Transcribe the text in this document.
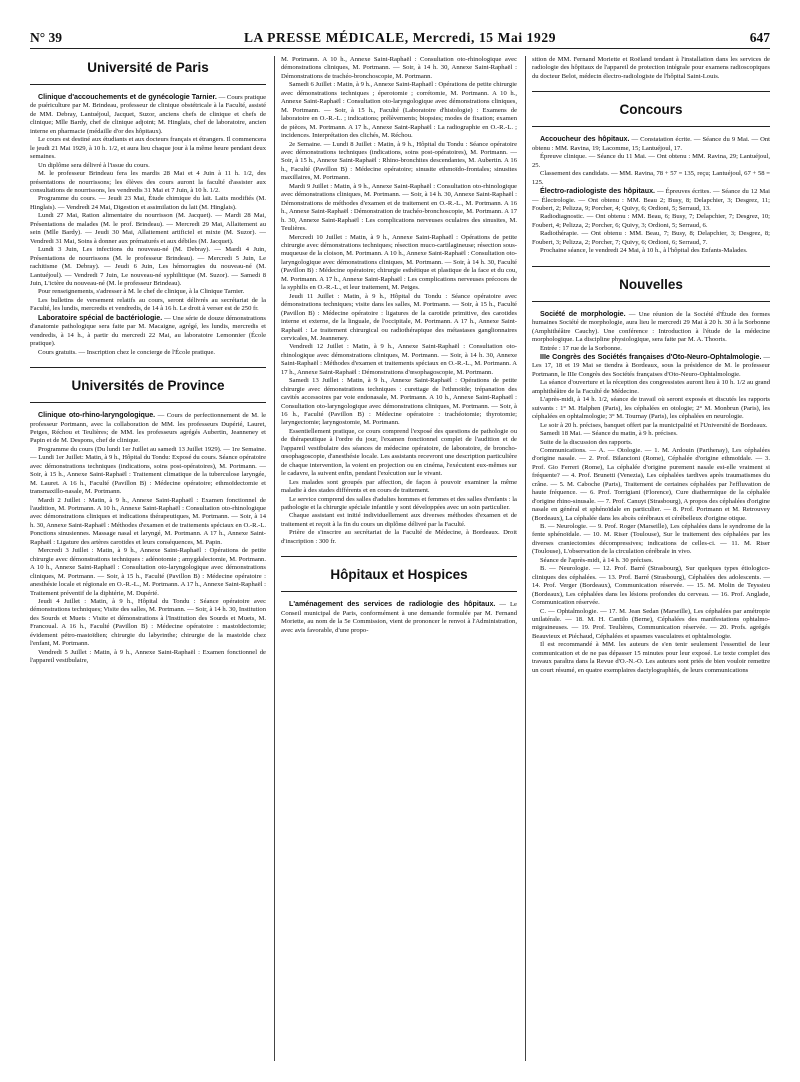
N° 39	LA PRESSE MÉDICALE, Mercredi, 15 Mai 1929	647
Université de Paris

Clinique d'accouchements et de gynécologie Tarnier. — Cours pratique de puériculture par M. Brindeau, professeur de clinique obstétricale à la Faculté, assisté de MM. Debray, Lantuéjoul, Jacquet, Suzor, anciens chefs de clinique et chefs de clinique; Mlle Bardy, chef de clinique adjoint; M. Hinglais, chef de laboratoire, ancien interne en pharmacie (médaille d'or des hôpitaux).

Le cours est destiné aux étudiants et aux docteurs français et étrangers. Il commencera le jeudi 21 Mai 1929, à 10 h. 1/2, et aura lieu chaque jour à la même heure pendant deux semaines.

Un diplôme sera délivré à l'issue du cours.

M. le professeur Brindeau fera les mardis 28 Mai et 4 Juin à 11 h. 1/2, des présentations de nourrissons; les élèves des cours auront la faculté d'assister aux consultations de nourrissons, les vendredis 31 Mai et 7 Juin, à 10 h. 1/2.

Programme du cours. — Jeudi 23 Mai, Étude chimique du lait. Laits modifiés (M. Hinglais). — Vendredi 24 Mai, Digestion et assimilation du lait (M. Hinglais).

Lundi 27 Mai, Ration alimentaire du nourrisson (M. Jacquet). — Mardi 28 Mai, Présentations de malades (M. le prof. Brindeau). — Mercredi 29 Mai, Allaitement au sein (Mlle Bardy). — Jeudi 30 Mai, Allaitement artificiel et mixte (M. Suzor). — Vendredi 31 Mai, Soins à donner aux prématurés et aux débiles (M. Jacquet).

Lundi 3 Juin, Les infections du nouveau-né (M. Debray). — Mardi 4 Juin, Présentations de nourrissons (M. le professeur Brindeau). — Mercredi 5 Juin, Le rachitisme (M. Debray). — Jeudi 6 Juin, Les hémorragies du nouveau-né (M. Lantuéjoul). — Vendredi 7 Juin, Le nouveau-né syphilitique (M. Suzor). — Samedi 8 Juin, L'ictère du nouveau-né (M. le professeur Brindeau).

Pour renseignements, s'adresser à M. le chef de clinique, à la Clinique Tarnier.

Les bulletins de versement relatifs au cours, seront délivrés au secrétariat de la Faculté, les lundis, mercredis et vendredis, de 14 à 16 h. Le droit à verser est de 250 fr.

Laboratoire spécial de bactériologie. — Une série de douze démonstrations d'anatomie pathologique sera faite par M. Macaigne, agrégé, les lundis, mercredis et vendredis, à 14 h., à partir du mercredi 22 Mai, au laboratoire Lemonnier (École pratique).

Cours gratuits. — Inscription chez le concierge de l'École pratique.

Universités de Province

Clinique oto-rhino-laryngologique. — Cours de perfectionnement de M. le professeur Portmann, avec la collaboration de MM. les professeurs Dupérié, Lauret, Petges, Réchou et Teulières; de MM. les professeurs agrégés Aubertin, Jeanneney et Papin et de M. Despons, chef de clinique.

Programme du cours (Du lundi 1er Juillet au samedi 13 Juillet 1929). — 1re Semaine. — Lundi 1er Juillet: Matin, à 9 h., Hôpital du Tondu: Exposé du cours. Séance opératoire avec démonstrations techniques (indications, soins post-opératoires), M. Portmann. — Soir, à 15 h., Annexe Saint-Raphaël : Traitement climatique de la tuberculose laryngée, M. Lauret. A 16 h., Faculté (Pavillon B) : Médecine opératoire; ethmoïdectomie et transmaxillo-nasale, M. Portmann.

Mardi 2 Juillet : Matin, à 9 h., Annexe Saint-Raphaël : Examen fonctionnel de l'audition, M. Portmann. A 10 h., Annexe Saint-Raphaël : Consultation oto-rhinologique avec démonstrations cliniques et indications thérapeutiques, M. Portmann. — Soir, à 14 h. 30, Annexe Saint-Raphaël : Méthodes d'examen et de traitements spéciaux en O.-R.-L. Ponctions sinusiennes. Massage nasal et laryngé, M. Portmann. A 17 h., Annexe Saint-Raphaël : Ligature des artères carotides et leurs conséquences, M. Papin.

Mercredi 3 Juillet : Matin, à 9 h., Annexe Saint-Raphaël : Opérations de petite chirurgie avec démonstrations techniques : adénotomie ; amygdalectomie, M. Portmann. A 10 h., Annexe Saint-Raphaël : Consultation oto-laryngologique avec démonstrations cliniques, M. Portmann. — Soir, à 15 h., Faculté (Pavillon B) : Médecine opératoire : anesthésie locale et régionale en O.-R.-L., M. Portmann. A 17 h., Annexe Saint-Raphaël : Traitement préventif de la diphtérie, M. Dupérié.

Jeudi 4 Juillet : Matin, à 9 h., Hôpital du Tondu : Séance opératoire avec démonstrations techniques; Visite des salles, M. Portmann. — Soir, à 14 h. 30, Institution des Sourds et Muets : Visite et démonstrations à l'Institution des Sourds et Muets, M. Francoual. A 16 h., Faculté (Pavillon B) : Médecine opératoire : mastoïdectomie; évidement pétro-mastoïdien; chirurgie du labyrinthe; chirurgie de la mastoïde chez l'enfant, M. Portmann.

Vendredi 5 Juillet : Matin, à 9 h., Annexe Saint-Raphaël : Examen fonctionnel de l'appareil vestibulaire,

M. Portmann. A 10 h., Annexe Saint-Raphaël : Consultation oto-rhinologique avec démonstrations cliniques, M. Portmann. — Soir, à 14 h. 30, Annexe Saint-Raphaël : Démonstrations de trachéo-bronchoscopie, M. Portmann.

Samedi 6 Juillet : Matin, à 9 h., Annexe Saint-Raphaël : Opérations de petite chirurgie avec démonstrations techniques ; éperotomie ; corrétomie, M. Portmann. A 10 h., Annexe Saint-Raphaël : Consultation oto-laryngologique avec démonstrations cliniques, M. Portmann. — Soir, à 15 h., Faculté (Laboratoire d'histologie) : Examens de laboratoire en O.-R.-L. ; indications; prélèvements; biopsies; modes de fixation; examen de pièces, M. Portmann. A 17 h., Annexe Saint-Raphaël : La radiographie en O.-R.-L. ; incidences. Interprétation des clichés, M. Réchou.

2e Semaine. — Lundi 8 Juillet : Matin, à 9 h., Hôpital du Tondu : Séance opératoire avec démonstrations techniques (indications, soins post-opératoires), M. Portmann. — Soir, à 15 h., Annexe Saint-Raphaël : Rhino-bronchites descendantes, M. Aubertin. A 16 h., Faculté (Pavillon B) : Médecine opératoire; sinusite ethmoïdo-frontales; sinusites maxillaires, M. Portmann.

Mardi 9 Juillet : Matin, à 9 h., Annexe Saint-Raphaël : Consultation oto-rhinologique avec démonstrations cliniques, M. Portmann. — Soir, à 14 h. 30, Annexe Saint-Raphaël : Démonstrations de méthodes d'examen et de traitement en O.-R.-L., M. Portmann. A 16 h., Annexe Saint-Raphaël : Démonstration de trachéo-bronchoscopie, M. Portmann. A 17 h. 30, Annexe Saint-Raphaël : Les complications nerveuses oculaires des sinusites, M. Teulières.

Mercredi 10 Juillet : Matin, à 9 h., Annexe Saint-Raphaël : Opérations de petite chirurgie avec démonstrations techniques; résection muco-cartilagineuse; résection sous-muqueuse de la cloison, M. Portmann. A 10 h., Annexe Saint-Raphaël : Consultation oto-laryngologique avec démonstrations cliniques, M. Portmann. — Soir, à 14 h. 30, Faculté (Pavillon B) : Médecine opératoire; chirurgie esthétique et plastique de la face et du cou, M. Portmann. A 17 h., Annexe Saint-Raphaël : Les complications nerveuses précoces de la syphilis en O.-R.-L., et leur traitement, M. Petges.

Jeudi 11 Juillet : Matin, à 9 h., Hôpital du Tondu : Séance opératoire avec démonstrations techniques; visite dans les salles, M. Portmann. — Soir, à 15 h., Faculté (Pavillon B) : Médecine opératoire : ligatures de la carotide primitive, des carotides interne et externe, de la linguale, de l'occipitale, M. Portmann. A 17 h., Annexe Saint-Raphaël : Le traitement chirurgical ou radiothérapique des métastases ganglionnaires cervicales, M. Jeanneney.

Vendredi 12 Juillet : Matin, à 9 h., Annexe Saint-Raphaël : Consultation oto-rhinologique avec démonstrations cliniques, M. Portmann. — Soir, à 14 h. 30, Annexe Saint-Raphaël : Méthodes d'examen et traitements spéciaux en O.-R.-L., M. Portmann. A 17 h., Annexe Saint-Raphaël : Démonstrations d'œsophagoscopie, M. Portmann.

Samedi 13 Juillet : Matin, à 9 h., Annexe Saint-Raphaël : Opérations de petite chirurgie avec démonstrations techniques : curettage de l'ethmoïde; trépanation des cavités accessoires par voie endonasale, M. Portmann. A 10 h., Annexe Saint-Raphaël : Consultation oto-laryngologique avec démonstrations cliniques, M. Portmann. — Soir, à 16 h., Faculté (Pavillon B) : Médecine opératoire : trachéotomie; thyrotomie; laryngectomie; laryngostomie, M. Portmann.

Essentiellement pratique, ce cours comprend l'exposé des questions de pathologie ou de thérapeutique à l'ordre du jour, l'examen fonctionnel complet de l'audition et de l'appareil vestibulaire des séances de médecine opératoire, de laboratoire, de broncho-œsophagoscopie, d'anesthésie locale. Les assistants recevront une description particulière de chaque intervention, la voient en projection ou en cinéma, l'exécutent eux-mêmes sur le cadavre, la suivent enfin, pendant l'exécution sur le vivant.

Les malades sont groupés par affection, de façon à pouvoir examiner la même maladie à des stades différents et en cours de traitement.

Le service comprend des salles d'adultes hommes et femmes et des salles d'enfants : la pathologie et la chirurgie spéciale infantile y sont développées avec un soin particulier.

Chaque assistant est initié individuellement aux diverses méthodes d'examen et de traitement et reçoit à la fin du cours un diplôme délivré par la Faculté.

Prière de s'inscrire au secrétariat de la Faculté de Médecine, à Bordeaux. Droit d'inscription : 300 fr.

Hôpitaux et Hospices

L'aménagement des services de radiologie des hôpitaux. — Le Conseil municipal de Paris, conformément à une demande formulée par M. Fernand Moriette, au nom de la 5e Commission, vient de prononcer le renvoi à l'Administration, avec avis favorable, d'une propo-

sition de MM. Fernand Moriette et Roëland tendant à l'installation dans les services de radiologie des hôpitaux de l'appareil de protection intégrale pour examens radioscopiques du docteur Belot, médecin électro-radiologiste de l'hôpital Saint-Louis.

Concours

Accoucheur des hôpitaux. — Constatation écrite. — Séance du 9 Mai. — Ont obtenu : MM. Ravina, 19; Lacomme, 15; Lantuéjoul, 17.

Épreuve clinique. — Séance du 11 Mai. — Ont obtenu : MM. Ravina, 29; Lantuéjoul, 25.

Classement des candidats. — MM. Ravina, 78 + 57 = 135, reçu; Lantuéjoul, 67 + 58 = 125.

Électro-radiologiste des hôpitaux. — Épreuves écrites. — Séance du 12 Mai — Électrologie. — Ont obtenu : MM. Beau 2; Busy, 8; Delapchier, 3; Desgrez, 11; Foubert, 2; Pelizza, 9; Porcher, 4; Quivy, 6; Ordioni, 5; Serraud, 13.

Radiodiagnostic. — Ont obtenu : MM. Beau, 6; Busy, 7; Delapchier, 7; Desgrez, 10; Foubert, 4; Pelizza, 2; Porcher, 6; Quivy, 3; Ordioni, 5; Serraud, 6.

Radiothérapie. — Ont obtenu : MM. Beau, 7; Busy, 8; Delapchier, 3; Desgrez, 8; Foubert, 3; Pelizza, 2; Porcher, 7; Quivy, 6; Ordioni, 6; Serraud, 7.

Prochaine séance, le vendredi 24 Mai, à 10 h., à l'hôpital des Enfants-Malades.

Nouvelles

Société de morphologie. — Une réunion de la Société d'Étude des formes humaines Société de morphologie, aura lieu le mercredi 29 Mai à 20 h. 30 à la Sorbonne (Amphithéâtre Cauchy). Une conférence : Introduction à l'étude de la médecine morphologique. La discipline physiologique, sera faite par M. A. Thooris.

Entrée : 17 rue de la Sorbonne.

IIIe Congrès des Sociétés françaises d'Oto-Neuro-Ophtalmologie. — Les 17, 18 et 19 Mai se tiendra à Bordeaux, sous la présidence de M. le professeur Portmann, le IIIe Congrès des Sociétés françaises d'Oto-Neuro-Ophtalmologie.

La séance d'ouverture et la réception des congressistes auront lieu à 10 h. 1/2 au grand amphithéâtre de la Faculté de Médecine.

L'après-midi, à 14 h. 1/2, séance de travail où seront exposés et discutés les rapports suivants : 1° M. Halphen (Paris), les céphalées en otologie; 2° M. Monbrun (Paris), les céphalées en ophtalmologie; 3° M. Tournay (Paris), les céphalées en neurologie.

Le soir à 20 h. précises, banquet offert par la municipalité et l'Université de Bordeaux.

Samedi 18 Mai. — Séance du matin, à 9 h. précises.

Suite de la discussion des rapports.

Communications. — A. — Otologie. — 1. M. Ardouin (Parthenay), Les céphalées d'origine nasale. — 2. Prof. Bilancioni (Rome), Céphalée d'origine ethmoïdale. — 3. Prof. Gio Ferreri (Rome), La céphalée d'origine purement nasale est-elle vraiment si fréquente? — 4. Prof. Brunetti (Venezia), Les céphalées tardives après traumatismes du crâne. — 5. M. Caboche (Paris), Traitement de certaines céphalées par l'effluvation de haute fréquence. — 6. Prof. Torrigiani (Florence), Cure diathermique de la céphalée d'origine rhino-sinusale. — 7. Prof. Canuyt (Strasbourg), A propos des céphalées d'origine nasale en général et sphénoïdale en particulier. — 8. Prof. Portmann et M. Retrouvey (Bordeaux), La céphalée dans les abcès cérébraux et cérébelleux d'origine otique.

B. — Neurologie. — 9. Prof. Roger (Marseille), Les céphalées dans le syndrome de la fente sphénoïdale. — 10. M. Riser (Toulouse), Sur le traitement des céphalées par les diverses craniectomies décompressives; indications de celles-ci. — 11. M. Riser (Toulouse), L'observation de la circulation cérébrale in vivo.

Séance de l'après-midi, à 14 h. 30 précises.

B. — Neurologie. — 12. Prof. Barré (Strasbourg), Sur quelques types étiologico-cliniques des céphalées. — 13. Prof. Barré (Strasbourg), Céphalées des adolescents. — 14. Prof. Verger (Bordeaux), Communication réservée. — 15. M. Molin de Teyssieu (Bordeaux), Les céphalées dans les lésions profondes du cerveau. — 16. Prof. Anglade, Communication réservée.

C. — Ophtalmologie. — 17. M. Jean Sedan (Marseille), Les céphalées par amétropie unilatérale. — 18. M. H. Cantilo (Berne), Céphalées des manifestations ophtalmo-migraineuses. — 19. Prof. Teulières, Communication réservée. — 20. Profs. agrégés Beauvieux et Piéchaud, Céphalées et spasmes vasculaires et ophtalmologie.

Il est recommandé à MM. les auteurs de s'en tenir seulement l'essentiel de leur communication et de ne pas dépasser 15 minutes pour leur exposé. Le texte complet des travaux paraîtra dans la Revue d'O.-N.-O. Les auteurs sont priés de bien vouloir remettre un court résumé, en quatre exemplaires dactylographiés, de leurs communications
